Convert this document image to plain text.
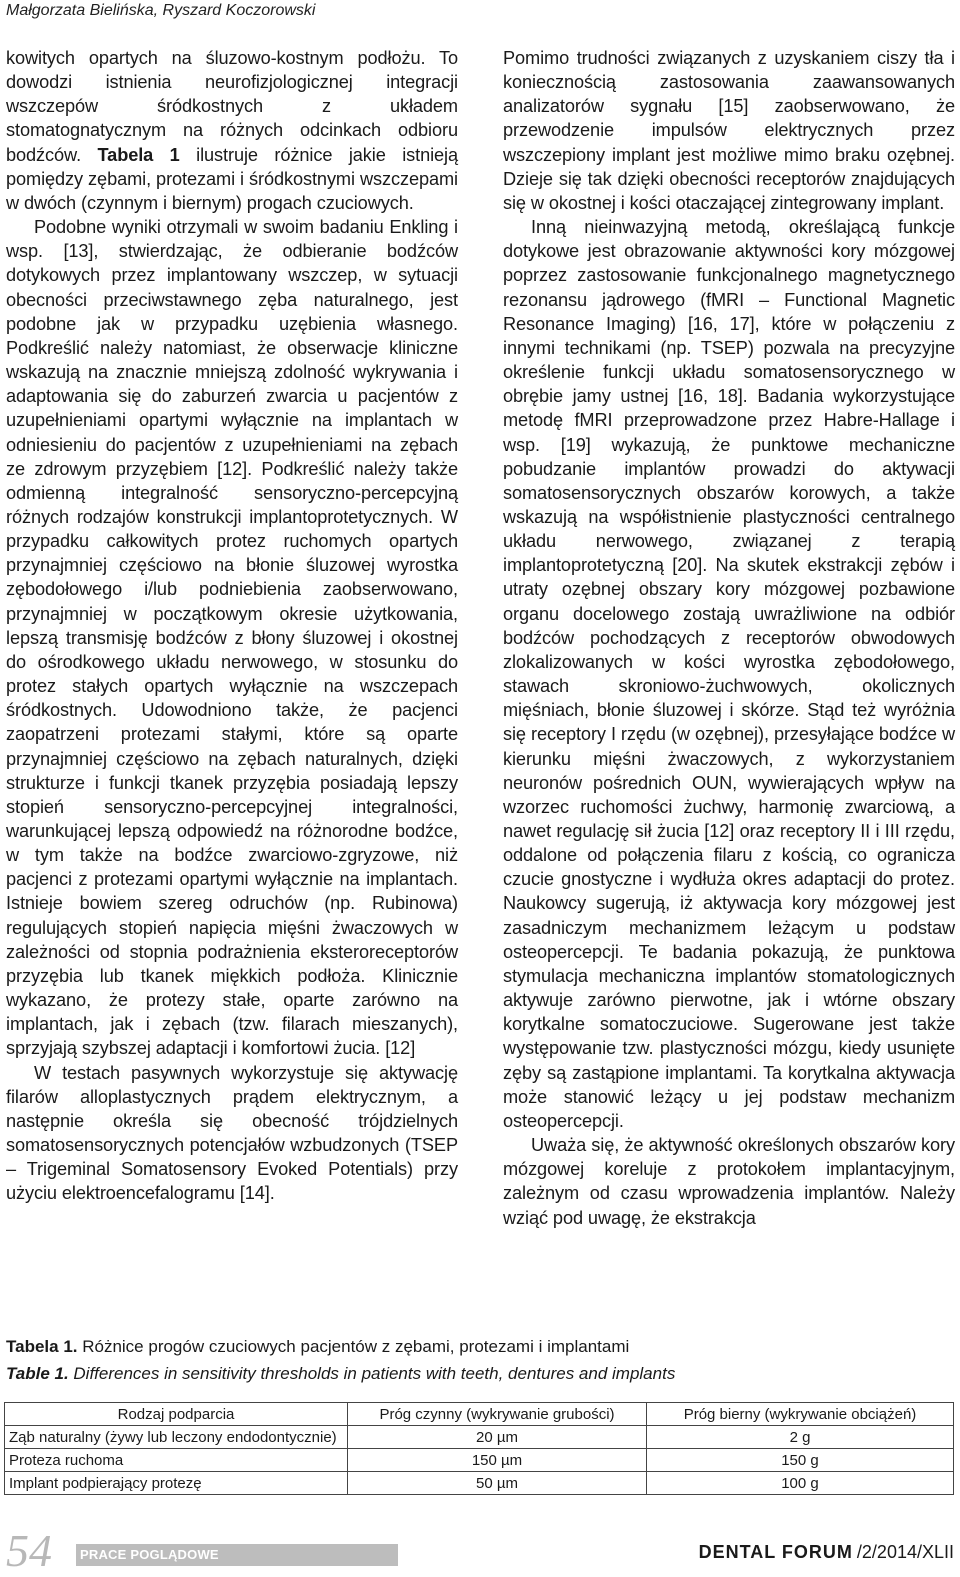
Małgorzata Bielińska, Ryszard Koczorowski

kowitych opartych na śluzowo-kostnym podłożu. To dowodzi istnienia neurofizjologicznej integracji wszczepów śródkostnych z układem stomatognatycznym na różnych odcinkach odbioru bodźców. Tabela 1 ilustruje różnice jakie istnieją pomiędzy zębami, protezami i śródkostnymi wszczepami w dwóch (czynnym i biernym) progach czuciowych.

Podobne wyniki otrzymali w swoim badaniu Enkling i wsp. [13], stwierdzając, że odbieranie bodźców dotykowych przez implantowany wszczep, w sytuacji obecności przeciwstawnego zęba naturalnego, jest podobne jak w przypadku uzębienia własnego. Podkreślić należy natomiast, że obserwacje kliniczne wskazują na znacznie mniejszą zdolność wykrywania i adaptowania się do zaburzeń zwarcia u pacjentów z uzupełnieniami opartymi wyłącznie na implantach w odniesieniu do pacjentów z uzupełnieniami na zębach ze zdrowym przyzębiem [12]. Podkreślić należy także odmienną integralność sensoryczno-percepcyjną różnych rodzajów konstrukcji implantoprotetycznych. W przypadku całkowitych protez ruchomych opartych przynajmniej częściowo na błonie śluzowej wyrostka zębodołowego i/lub podniebienia zaobserwowano, przynajmniej w początkowym okresie użytkowania, lepszą transmisję bodźców z błony śluzowej i okostnej do ośrodkowego układu nerwowego, w stosunku do protez stałych opartych wyłącznie na wszczepach śródkostnych. Udowodniono także, że pacjenci zaopatrzeni protezami stałymi, które są oparte przynajmniej częściowo na zębach naturalnych, dzięki strukturze i funkcji tkanek przyzębia posiadają lepszy stopień sensoryczno-percepcyjnej integralności, warunkującej lepszą odpowiedź na różnorodne bodźce, w tym także na bodźce zwarciowo-zgryzowe, niż pacjenci z protezami opartymi wyłącznie na implantach. Istnieje bowiem szereg odruchów (np. Rubinowa) regulujących stopień napięcia mięśni żwaczowych w zależności od stopnia podrażnienia eksteroreceptorów przyzębia lub tkanek miękkich podłoża. Klinicznie wykazano, że protezy stałe, oparte zarówno na implantach, jak i zębach (tzw. filarach mieszanych), sprzyjają szybszej adaptacji i komfortowi żucia. [12]

W testach pasywnych wykorzystuje się aktywację filarów alloplastycznych prądem elektrycznym, a następnie określa się obecność trójdzielnych somatosensorycznych potencjałów wzbudzonych (TSEP – Trigeminal Somatosensory Evoked Potentials) przy użyciu elektroencefalogramu [14].

Pomimo trudności związanych z uzyskaniem ciszy tła i koniecznością zastosowania zaawansowanych analizatorów sygnału [15] zaobserwowano, że przewodzenie impulsów elektrycznych przez wszczepiony implant jest możliwe mimo braku ozębnej. Dzieje się tak dzięki obecności receptorów znajdujących się w okostnej i kości otaczającej zintegrowany implant.

Inną nieinwazyjną metodą, określającą funkcje dotykowe jest obrazowanie aktywności kory mózgowej poprzez zastosowanie funkcjonalnego magnetycznego rezonansu jądrowego (fMRI – Functional Magnetic Resonance Imaging) [16, 17], które w połączeniu z innymi technikami (np. TSEP) pozwala na precyzyjne określenie funkcji układu somatosensorycznego w obrębie jamy ustnej [16, 18]. Badania wykorzystujące metodę fMRI przeprowadzone przez Habre-Hallage i wsp. [19] wykazują, że punktowe mechaniczne pobudzanie implantów prowadzi do aktywacji somatosensorycznych obszarów korowych, a także wskazują na współistnienie plastyczności centralnego układu nerwowego, związanej z terapią implantoprotetyczną [20]. Na skutek ekstrakcji zębów i utraty ozębnej obszary kory mózgowej pozbawione organu docelowego zostają uwrażliwione na odbiór bodźców pochodzących z receptorów obwodowych zlokalizowanych w kości wyrostka zębodołowego, stawach skroniowo-żuchwowych, okolicznych mięśniach, błonie śluzowej i skórze. Stąd też wyróżnia się receptory I rzędu (w ozębnej), przesyłające bodźce w kierunku mięśni żwaczowych, z wykorzystaniem neuronów pośrednich OUN, wywierających wpływ na wzorzec ruchomości żuchwy, harmonię zwarciową, a nawet regulację sił żucia [12] oraz receptory II i III rzędu, oddalone od połączenia filaru z kością, co ogranicza czucie gnostyczne i wydłuża okres adaptacji do protez. Naukowcy sugerują, iż aktywacja kory mózgowej jest zasadniczym mechanizmem leżącym u podstaw osteopercepcji. Te badania pokazują, że punktowa stymulacja mechaniczna implantów stomatologicznych aktywuje zarówno pierwotne, jak i wtórne obszary korytkalne somatoczuciowe. Sugerowane jest także występowanie tzw. plastyczności mózgu, kiedy usunięte zęby są zastąpione implantami. Ta korytkalna aktywacja może stanowić leżący u jej podstaw mechanizm osteopercepcji.

Uważa się, że aktywność określonych obszarów kory mózgowej koreluje z protokołem implantacyjnym, zależnym od czasu wprowadzenia implantów. Należy wziąć pod uwagę, że ekstrakcja

Tabela 1. Różnice progów czuciowych pacjentów z zębami, protezami i implantami
Table 1. Differences in sensitivity thresholds in patients with teeth, dentures and implants
Rodzaj podparcia	Próg czynny (wykrywanie grubości)	Próg bierny (wykrywanie obciążeń)
Ząb naturalny (żywy lub leczony endodontycznie)	20 µm	2 g
Proteza ruchoma	150 µm	150 g
Implant podpierający protezę	50 µm	100 g
54 PRACE POGLĄDOWE	DENTAL FORUM /2/2014/XLII
